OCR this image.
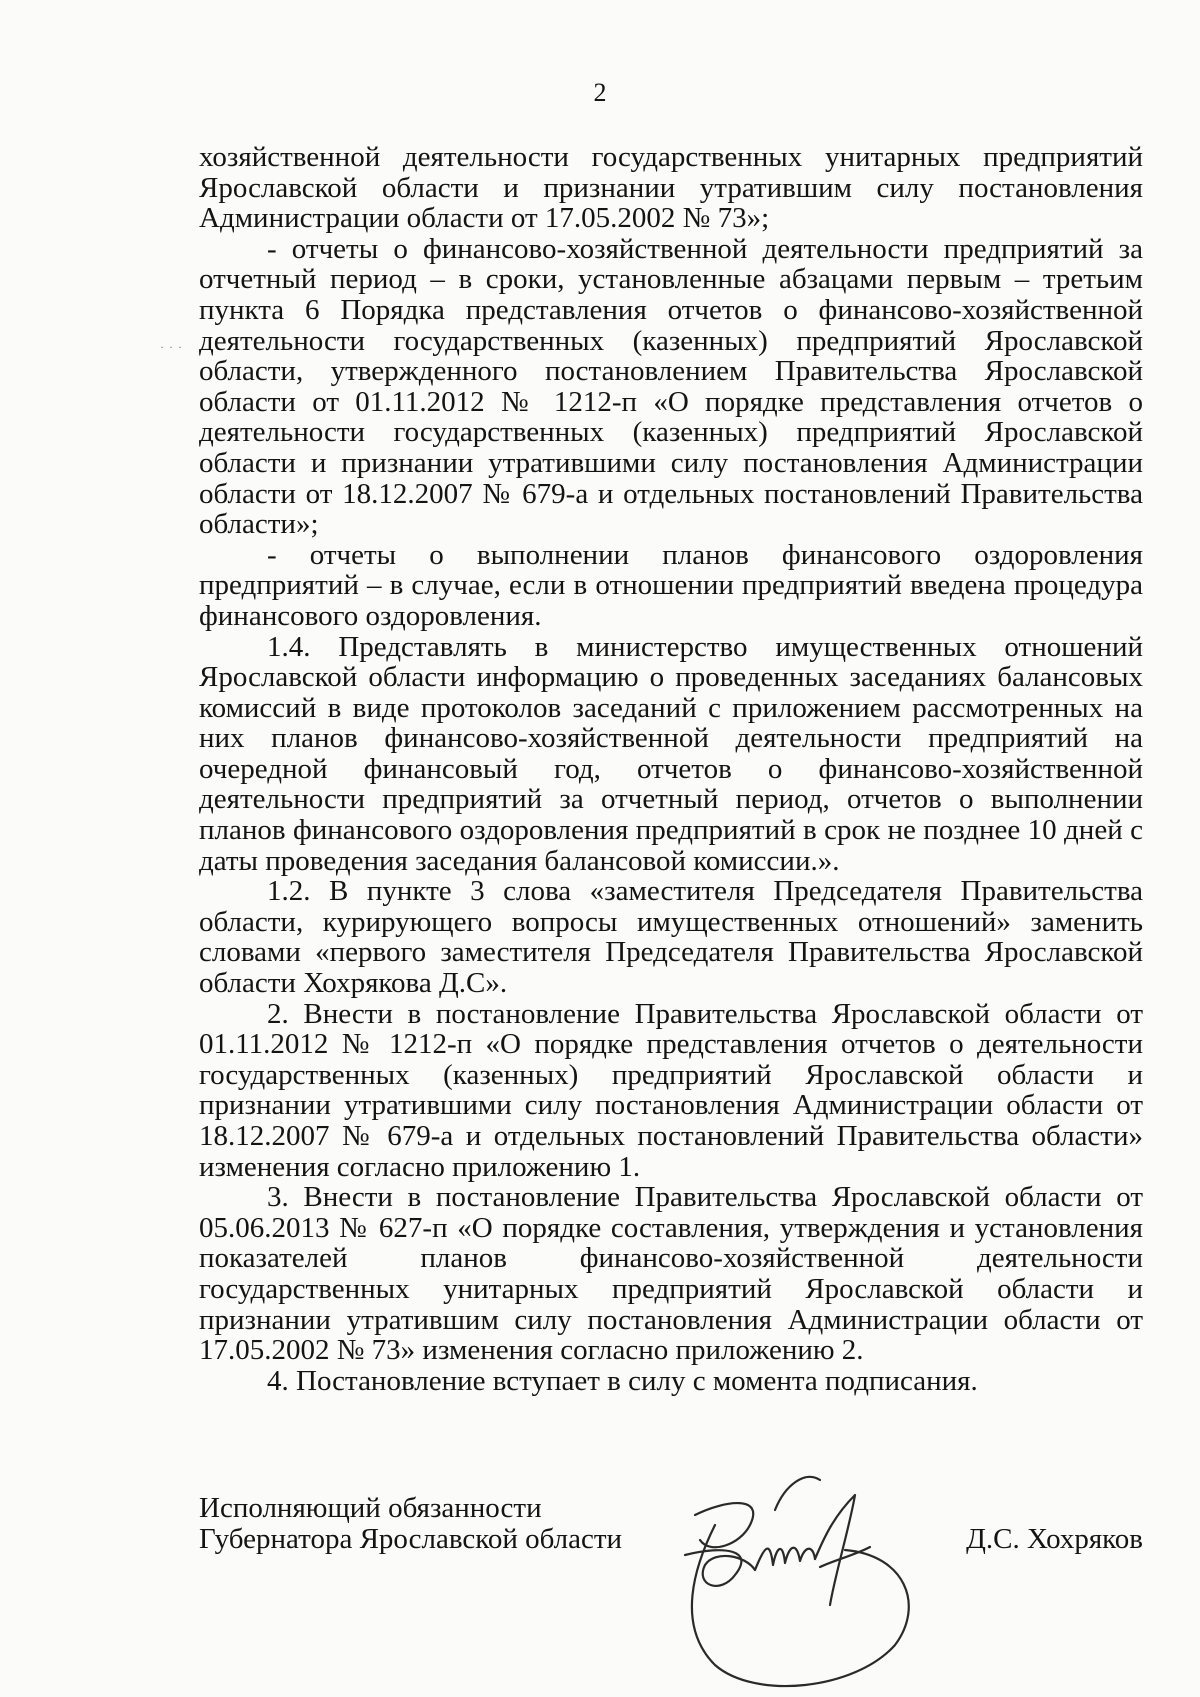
2
· · ·

хозяйственной деятельности государственных унитарных предприятий Ярославской области и признании утратившим силу постановления Администрации области от 17.05.2002 № 73»;

- отчеты о финансово-хозяйственной деятельности предприятий за отчетный период – в сроки, установленные абзацами первым – третьим пункта 6 Порядка представления отчетов о финансово-хозяйственной деятельности государственных (казенных) предприятий Ярославской области, утвержденного постановлением Правительства Ярославской области от 01.11.2012 № 1212-п «О порядке представления отчетов о деятельности государственных (казенных) предприятий Ярославской области и признании утратившими силу постановления Администрации области от 18.12.2007 № 679-а и отдельных постановлений Правительства области»;

- отчеты о выполнении планов финансового оздоровления предприятий – в случае, если в отношении предприятий введена процедура финансового оздоровления.

1.4. Представлять в министерство имущественных отношений Ярославской области информацию о проведенных заседаниях балансовых комиссий в виде протоколов заседаний с приложением рассмотренных на них планов финансово-хозяйственной деятельности предприятий на очередной финансовый год, отчетов о финансово-хозяйственной деятельности предприятий за отчетный период, отчетов о выполнении планов финансового оздоровления предприятий в срок не позднее 10 дней с даты проведения заседания балансовой комиссии.».

1.2. В пункте 3 слова «заместителя Председателя Правительства области, курирующего вопросы имущественных отношений» заменить словами «первого заместителя Председателя Правительства Ярославской области Хохрякова Д.С».

2. Внести в постановление Правительства Ярославской области от 01.11.2012 № 1212-п «О порядке представления отчетов о деятельности государственных (казенных) предприятий Ярославской области и признании утратившими силу постановления Администрации области от 18.12.2007 № 679-а и отдельных постановлений Правительства области» изменения согласно приложению 1.

3. Внести в постановление Правительства Ярославской области от 05.06.2013 № 627-п «О порядке составления, утверждения и установления показателей планов финансово-хозяйственной деятельности государственных унитарных предприятий Ярославской области и признании утратившим силу постановления Администрации области от 17.05.2002 № 73» изменения согласно приложению 2.

4. Постановление вступает в силу с момента подписания.

Исполняющий обязанности
Губернатора Ярославской области	Д.С. Хохряков
